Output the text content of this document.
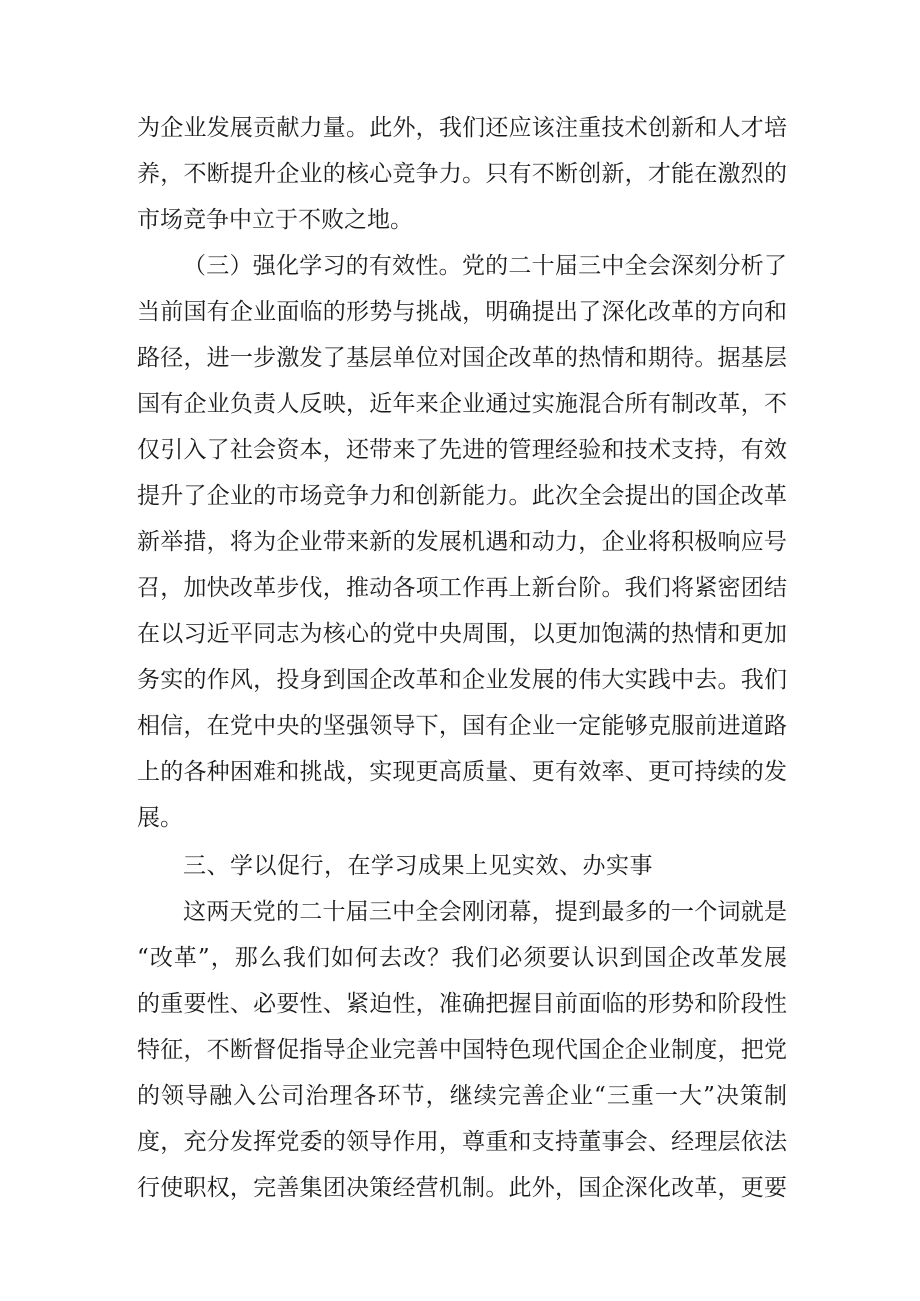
为企业发展贡献力量。此外，我们还应该注重技术创新和人才培
养，不断提升企业的核心竞争力。只有不断创新，才能在激烈的
市场竞争中立于不败之地。
（三）强化学习的有效性。党的二十届三中全会深刻分析了
当前国有企业面临的形势与挑战，明确提出了深化改革的方向和
路径，进一步激发了基层单位对国企改革的热情和期待。据基层
国有企业负责人反映，近年来企业通过实施混合所有制改革，不
仅引入了社会资本，还带来了先进的管理经验和技术支持，有效
提升了企业的市场竞争力和创新能力。此次全会提出的国企改革
新举措，将为企业带来新的发展机遇和动力，企业将积极响应号
召，加快改革步伐，推动各项工作再上新台阶。我们将紧密团结
在以习近平同志为核心的党中央周围，以更加饱满的热情和更加
务实的作风，投身到国企改革和企业发展的伟大实践中去。我们
相信，在党中央的坚强领导下，国有企业一定能够克服前进道路
上的各种困难和挑战，实现更高质量、更有效率、更可持续的发
展。
三、学以促行，在学习成果上见实效、办实事
这两天党的二十届三中全会刚闭幕，提到最多的一个词就是
“改革”，那么我们如何去改？我们必须要认识到国企改革发展
的重要性、必要性、紧迫性，准确把握目前面临的形势和阶段性
特征，不断督促指导企业完善中国特色现代国企企业制度，把党
的领导融入公司治理各环节，继续完善企业“三重一大”决策制
度，充分发挥党委的领导作用，尊重和支持董事会、经理层依法
行使职权，完善集团决策经营机制。此外，国企深化改革，更要
